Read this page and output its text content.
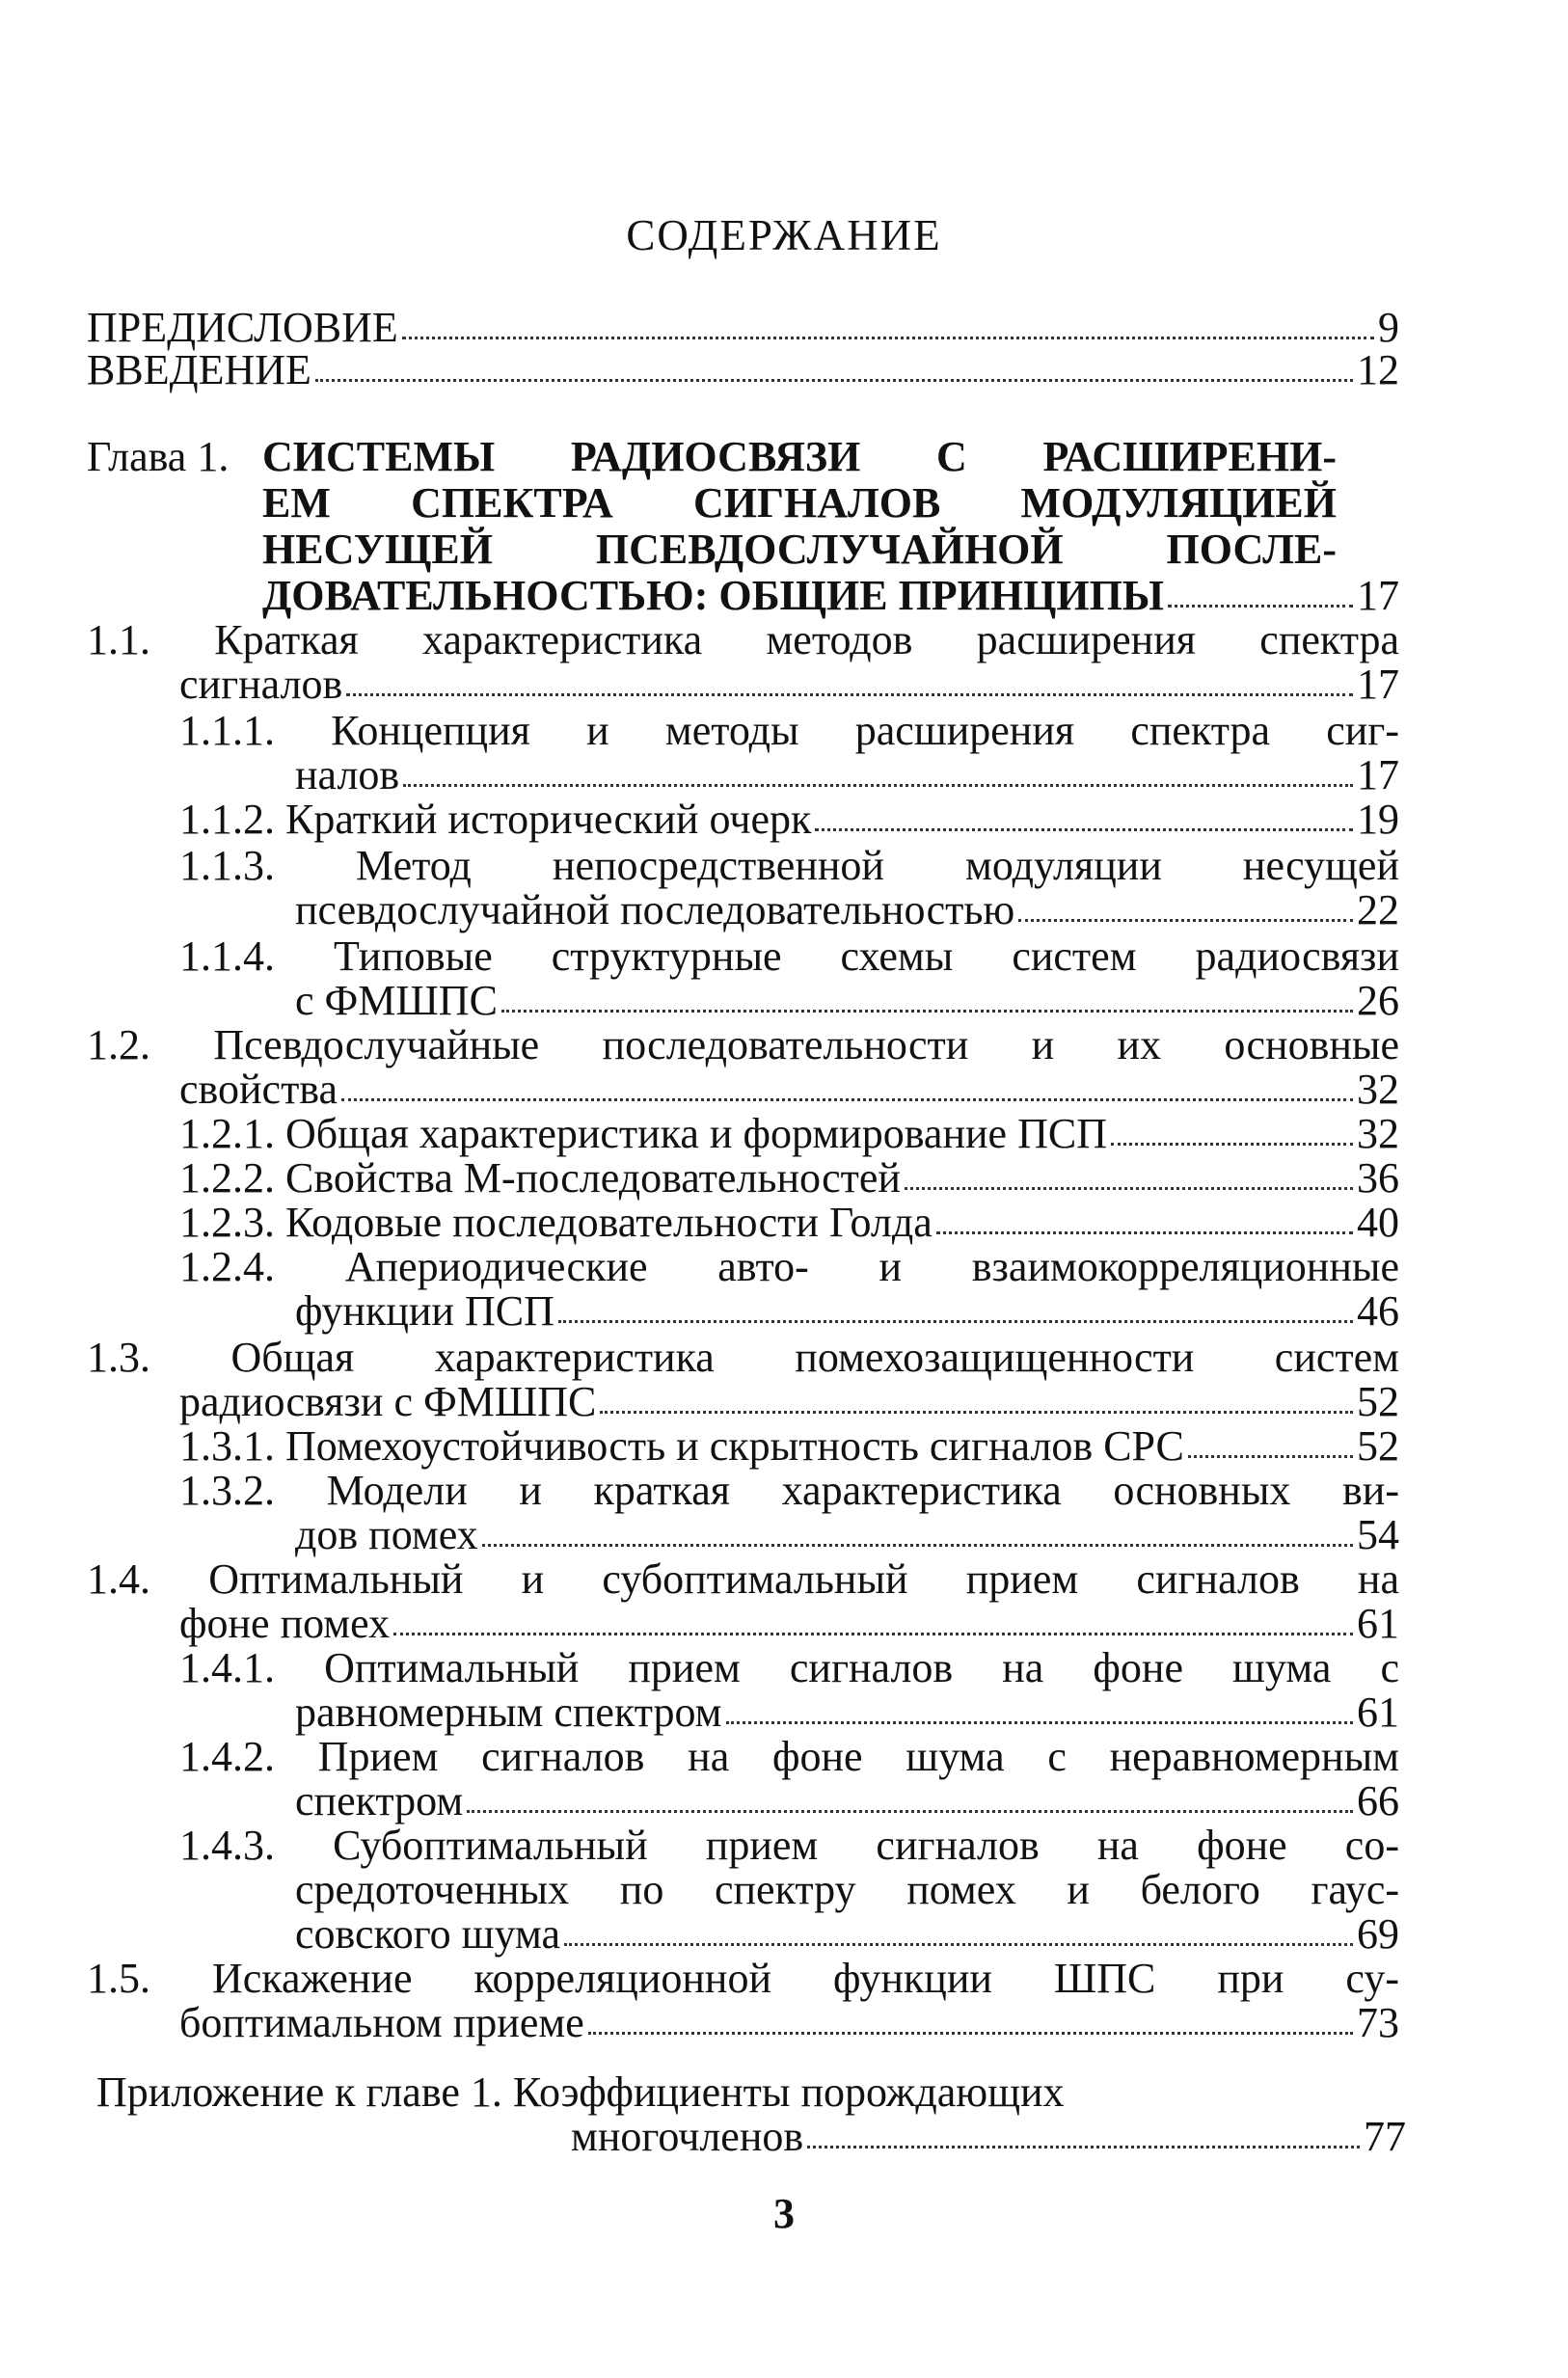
СОДЕРЖАНИЕ
ПРЕДИСЛОВИЕ	9
ВВЕДЕНИЕ	12
Глава 1. СИСТЕМЫ РАДИОСВЯЗИ С РАСШИРЕНИ-
ЕМ СПЕКТРА СИГНАЛОВ МОДУЛЯЦИЕЙ
НЕСУЩЕЙ ПСЕВДОСЛУЧАЙНОЙ ПОСЛЕ-
ДОВАТЕЛЬНОСТЬЮ: ОБЩИЕ ПРИНЦИПЫ	17
1.1. Краткая характеристика методов расширения спектра
сигналов	17
1.1.1. Концепция и методы расширения спектра сиг-
налов	17
1.1.2.
Краткий исторический очерк	19
1.1.3. Метод непосредственной модуляции несущей
псевдослучайной последовательностью	22
1.1.4. Типовые структурные схемы систем радиосвязи
с ФМШПС	26
1.2. Псевдослучайные последовательности и их основные
свойства	32
1.2.1.
Общая характеристика и формирование ПСП	32
1.2.2.
Свойства М-последовательностей	36
1.2.3.
Кодовые последовательности Голда	40
1.2.4. Апериодические авто- и взаимокорреляционные
функции ПСП	46
1.3. Общая характеристика помехозащищенности систем
радиосвязи с ФМШПС	52
1.3.1.
Помехоустойчивость и скрытность сигналов СРС	52
1.3.2. Модели и краткая характеристика основных ви-
дов помех	54
1.4. Оптимальный и субоптимальный прием сигналов на
фоне помех	61
1.4.1. Оптимальный прием сигналов на фоне шума с
равномерным спектром	61
1.4.2. Прием сигналов на фоне шума с неравномерным
спектром	66
1.4.3. Субоптимальный прием сигналов на фоне со-
средоточенных по спектру помех и белого гаус-
совского шума	69
1.5. Искажение корреляционной функции ШПС при су-
боптимальном приеме	73
Приложение к главе 1. Коэффициенты порождающих
многочленов	77
3
